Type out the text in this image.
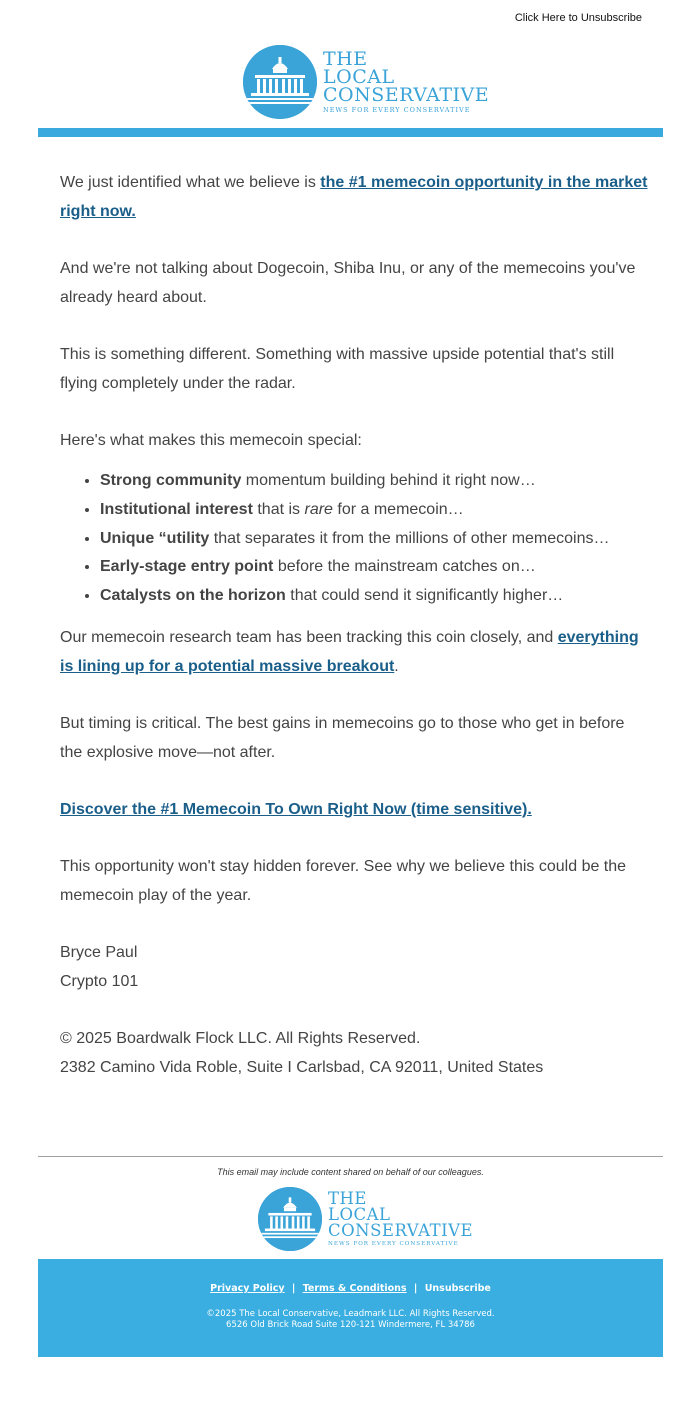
Click Here to Unsubscribe
THE
LOCAL
CONSERVATIVE
NEWS FOR EVERY CONSERVATIVE

We just identified what we believe is the #1 memecoin opportunity in the market right now.

And we're not talking about Dogecoin, Shiba Inu, or any of the memecoins you've already heard about.

This is something different. Something with massive upside potential that's still flying completely under the radar.

Here's what makes this memecoin special:

• Strong community momentum building behind it right now…
• Institutional interest that is rare for a memecoin…
• Unique “utility that separates it from the millions of other memecoins…
• Early-stage entry point before the mainstream catches on…
• Catalysts on the horizon that could send it significantly higher…

Our memecoin research team has been tracking this coin closely, and everything is lining up for a potential massive breakout.

But timing is critical. The best gains in memecoins go to those who get in before the explosive move—not after.

Discover the #1 Memecoin To Own Right Now (time sensitive).

This opportunity won't stay hidden forever. See why we believe this could be the memecoin play of the year.

Bryce Paul
Crypto 101
© 2025 Boardwalk Flock LLC. All Rights Reserved.
2382 Camino Vida Roble, Suite I Carlsbad, CA 92011, United States
This email may include content shared on behalf of our colleagues.
THE
LOCAL
CONSERVATIVE
NEWS FOR EVERY CONSERVATIVE
Privacy Policy | Terms & Conditions | Unsubscribe
©2025 The Local Conservative, Leadmark LLC. All Rights Reserved.
6526 Old Brick Road Suite 120-121 Windermere, FL 34786
